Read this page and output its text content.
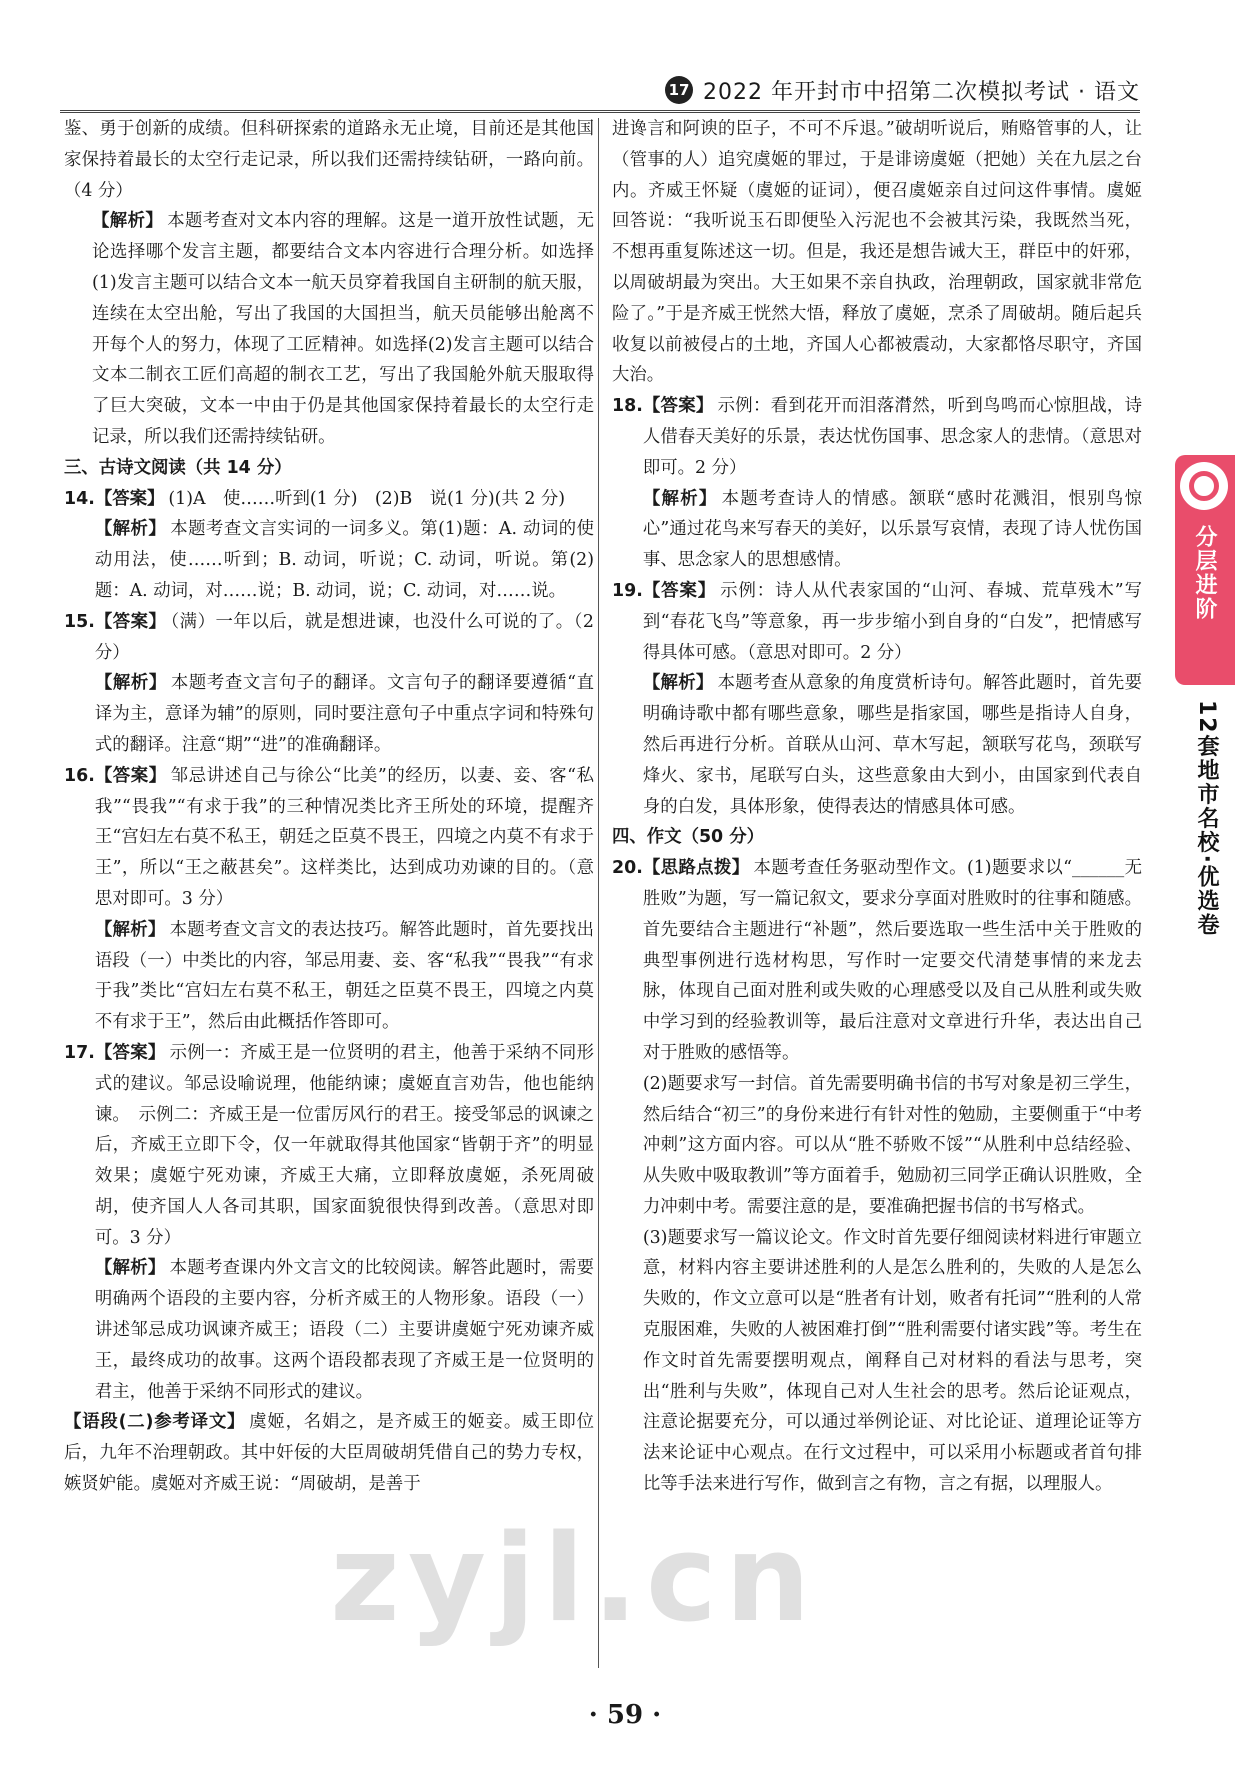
17 2022 年开封市中招第二次模拟考试 · 语文

鉴、勇于创新的成绩。但科研探索的道路永无止境，目前还是其他国家保持着最长的太空行走记录，所以我们还需持续钻研，一路向前。（4 分）

【解析】 本题考查对文本内容的理解。这是一道开放性试题，无论选择哪个发言主题，都要结合文本内容进行合理分析。如选择(1)发言主题可以结合文本一航天员穿着我国自主研制的航天服，连续在太空出舱，写出了我国的大国担当，航天员能够出舱离不开每个人的努力，体现了工匠精神。如选择(2)发言主题可以结合文本二制衣工匠们高超的制衣工艺，写出了我国舱外航天服取得了巨大突破，文本一中由于仍是其他国家保持着最长的太空行走记录，所以我们还需持续钻研。

三、古诗文阅读（共 14 分）

14. 【答案】 (1)A　使……听到(1 分)　(2)B　说(1 分)(共 2 分)

【解析】 本题考查文言实词的一词多义。第(1)题：A. 动词的使动用法，使……听到；B. 动词，听说；C. 动词，听说。第(2)题：A. 动词，对……说；B. 动词，说；C. 动词，对……说。

15. 【答案】 （满）一年以后，就是想进谏，也没什么可说的了。（2 分）

【解析】 本题考查文言句子的翻译。文言句子的翻译要遵循“直译为主，意译为辅”的原则，同时要注意句子中重点字词和特殊句式的翻译。注意“期”“进”的准确翻译。

16. 【答案】 邹忌讲述自己与徐公“比美”的经历，以妻、妾、客“私我”“畏我”“有求于我”的三种情况类比齐王所处的环境，提醒齐王“宫妇左右莫不私王，朝廷之臣莫不畏王，四境之内莫不有求于王”，所以“王之蔽甚矣”。这样类比，达到成功劝谏的目的。（意思对即可。3 分）

【解析】 本题考查文言文的表达技巧。解答此题时，首先要找出语段（一）中类比的内容，邹忌用妻、妾、客“私我”“畏我”“有求于我”类比“宫妇左右莫不私王，朝廷之臣莫不畏王，四境之内莫不有求于王”，然后由此概括作答即可。

17. 【答案】 示例一：齐威王是一位贤明的君主，他善于采纳不同形式的建议。邹忌设喻说理，他能纳谏；虞姬直言劝告，他也能纳谏。　示例二：齐威王是一位雷厉风行的君王。接受邹忌的讽谏之后，齐威王立即下令，仅一年就取得其他国家“皆朝于齐”的明显效果；虞姬宁死劝谏，齐威王大痛，立即释放虞姬，杀死周破胡，使齐国人人各司其职，国家面貌很快得到改善。（意思对即可。3 分）

【解析】 本题考查课内外文言文的比较阅读。解答此题时，需要明确两个语段的主要内容，分析齐威王的人物形象。语段（一）讲述邹忌成功讽谏齐威王；语段（二）主要讲虞姬宁死劝谏齐威王，最终成功的故事。这两个语段都表现了齐威王是一位贤明的君主，他善于采纳不同形式的建议。

【语段(二)参考译文】 虞姬，名娟之，是齐威王的姬妾。威王即位后，九年不治理朝政。其中奸佞的大臣周破胡凭借自己的势力专权，嫉贤妒能。虞姬对齐威王说：“周破胡，是善于

进谗言和阿谀的臣子，不可不斥退。”破胡听说后，贿赂管事的人，让（管事的人）追究虞姬的罪过，于是诽谤虞姬（把她）关在九层之台内。齐威王怀疑（虞姬的证词），便召虞姬亲自过问这件事情。虞姬回答说：“我听说玉石即便坠入污泥也不会被其污染，我既然当死，不想再重复陈述这一切。但是，我还是想告诫大王，群臣中的奸邪，以周破胡最为突出。大王如果不亲自执政，治理朝政，国家就非常危险了。”于是齐威王恍然大悟，释放了虞姬，烹杀了周破胡。随后起兵收复以前被侵占的土地，齐国人心都被震动，大家都恪尽职守，齐国大治。

18. 【答案】 示例：看到花开而泪落潸然，听到鸟鸣而心惊胆战，诗人借春天美好的乐景，表达忧伤国事、思念家人的悲情。（意思对即可。2 分）

【解析】 本题考查诗人的情感。颔联“感时花溅泪，恨别鸟惊心”通过花鸟来写春天的美好，以乐景写哀情，表现了诗人忧伤国事、思念家人的思想感情。

19. 【答案】 示例：诗人从代表家国的“山河、春城、荒草残木”写到“春花飞鸟”等意象，再一步步缩小到自身的“白发”，把情感写得具体可感。（意思对即可。2 分）

【解析】 本题考查从意象的角度赏析诗句。解答此题时，首先要明确诗歌中都有哪些意象，哪些是指家国，哪些是指诗人自身，然后再进行分析。首联从山河、草木写起，颔联写花鸟，颈联写烽火、家书，尾联写白头，这些意象由大到小，由国家到代表自身的白发，具体形象，使得表达的情感具体可感。

四、作文（50 分）

20. 【思路点拨】 本题考查任务驱动型作文。(1)题要求以“______无胜败”为题，写一篇记叙文，要求分享面对胜败时的往事和随感。首先要结合主题进行“补题”，然后要选取一些生活中关于胜败的典型事例进行选材构思，写作时一定要交代清楚事情的来龙去脉，体现自己面对胜利或失败的心理感受以及自己从胜利或失败中学习到的经验教训等，最后注意对文章进行升华，表达出自己对于胜败的感悟等。

(2)题要求写一封信。首先需要明确书信的书写对象是初三学生，然后结合“初三”的身份来进行有针对性的勉励，主要侧重于“中考冲刺”这方面内容。可以从“胜不骄败不馁”“从胜利中总结经验、从失败中吸取教训”等方面着手，勉励初三同学正确认识胜败，全力冲刺中考。需要注意的是，要准确把握书信的书写格式。

(3)题要求写一篇议论文。作文时首先要仔细阅读材料进行审题立意，材料内容主要讲述胜利的人是怎么胜利的，失败的人是怎么失败的，作文立意可以是“胜者有计划，败者有托词”“胜利的人常克服困难，失败的人被困难打倒”“胜利需要付诸实践”等。考生在作文时首先需要摆明观点，阐释自己对材料的看法与思考，突出“胜利与失败”，体现自己对人生社会的思考。然后论证观点，注意论据要充分，可以通过举例论证、对比论证、道理论证等方法来论证中心观点。在行文过程中，可以采用小标题或者首句排比等手法来进行写作，做到言之有物，言之有据，以理服人。

分层进阶
12套地市名校·优选卷
zyjl.cn
· 59 ·
